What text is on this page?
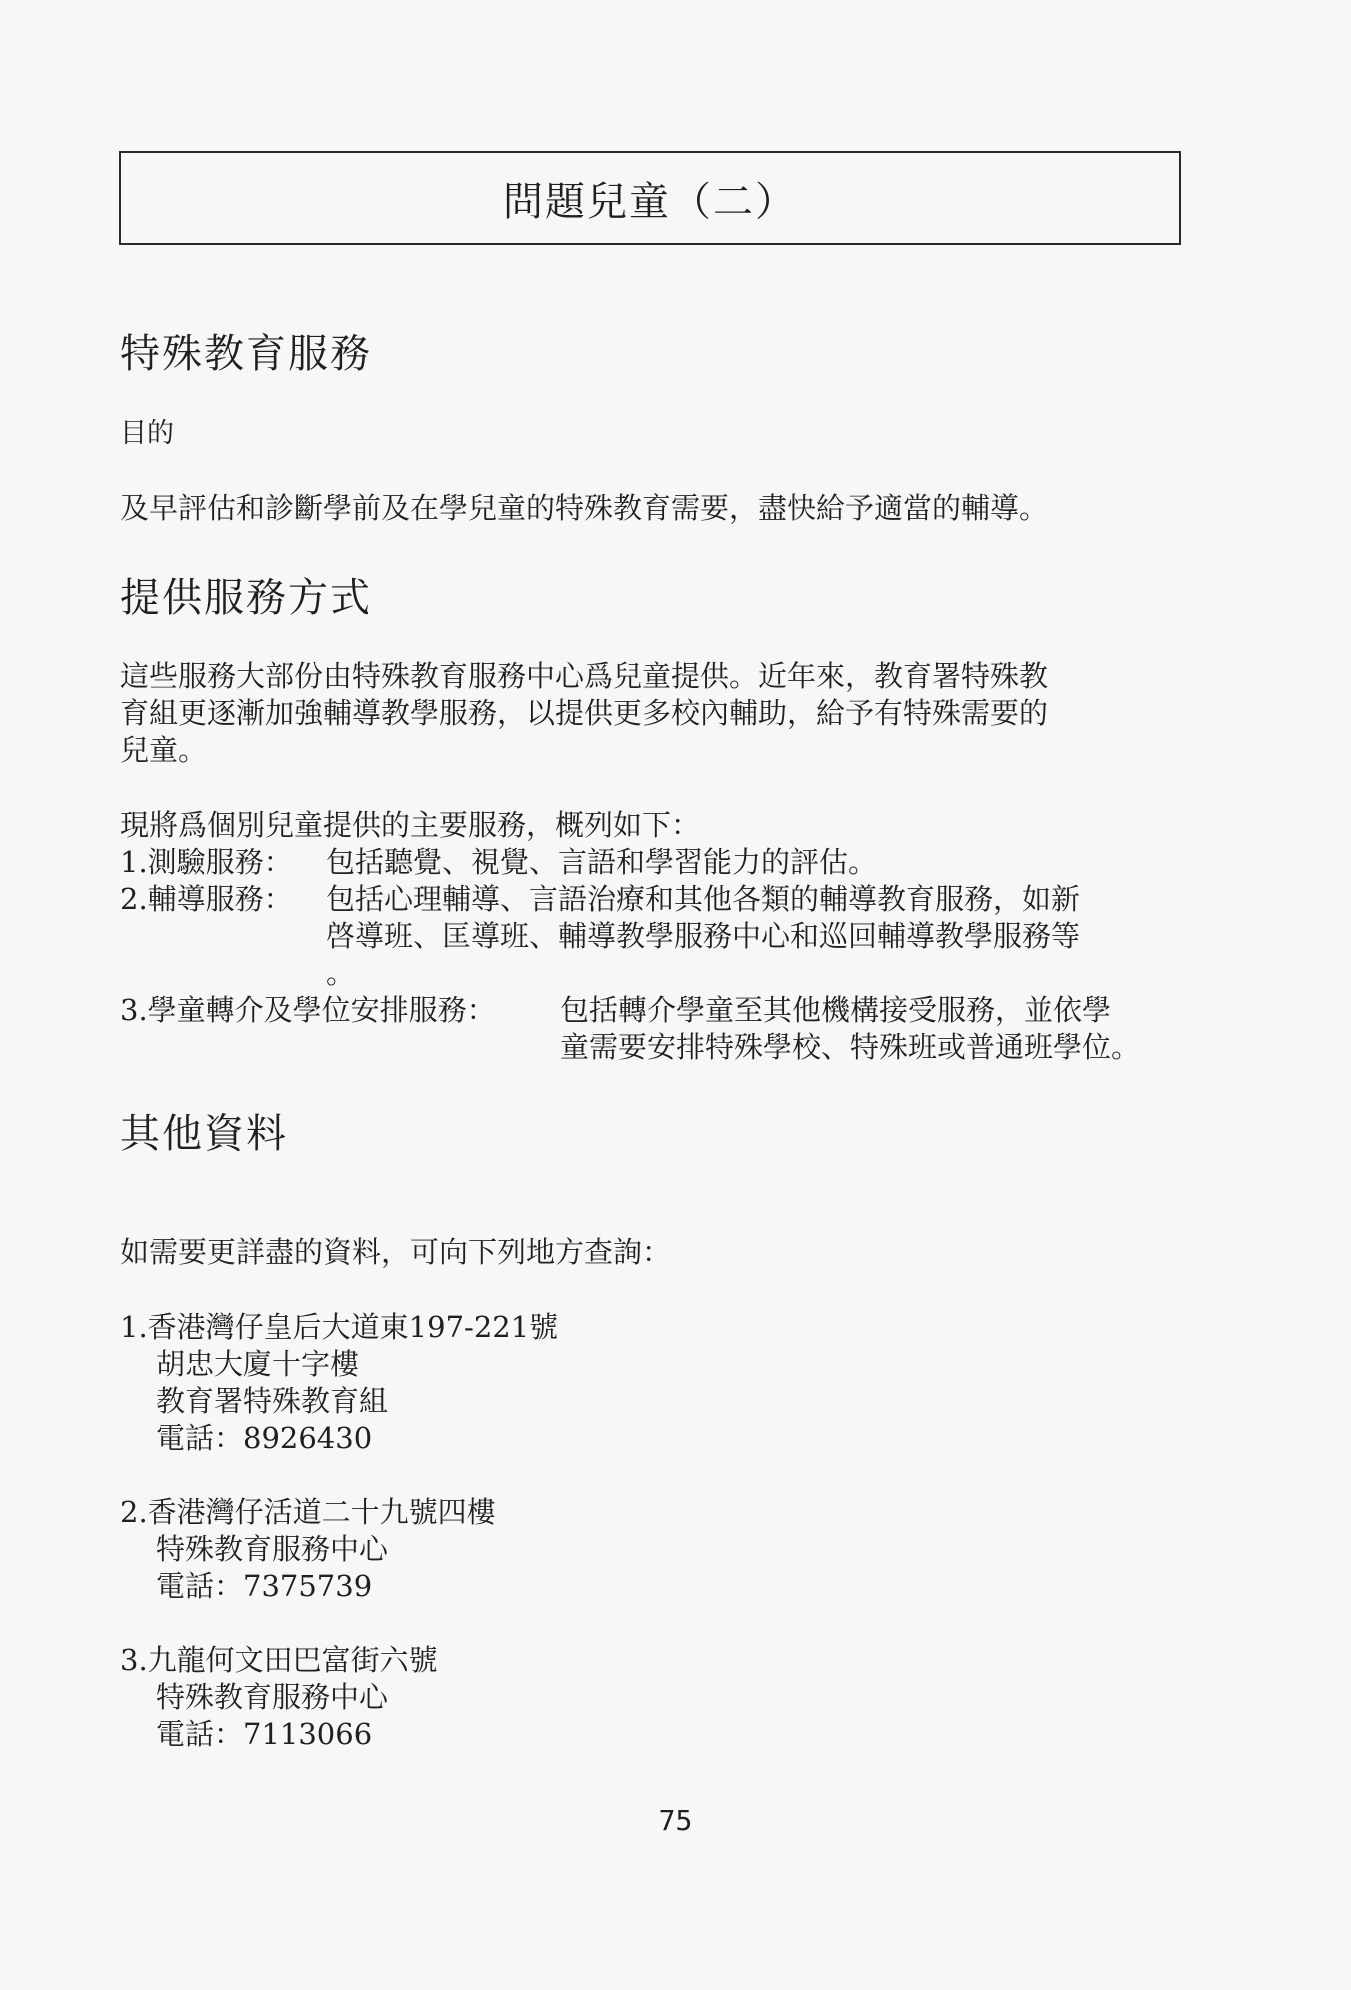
問題兒童（二）
特殊教育服務
目的
及早評估和診斷學前及在學兒童的特殊教育需要，盡快給予適當的輔導。
提供服務方式
這些服務大部份由特殊教育服務中心爲兒童提供。近年來，教育署特殊教
育組更逐漸加強輔導教學服務，以提供更多校內輔助，給予有特殊需要的
兒童。
現將爲個別兒童提供的主要服務，概列如下：
1.測驗服務： 包括聽覺、視覺、言語和學習能力的評估。
2.輔導服務： 包括心理輔導、言語治療和其他各類的輔導教育服務，如新
啓導班、匡導班、輔導教學服務中心和巡回輔導教學服務等
。
3.學童轉介及學位安排服務： 包括轉介學童至其他機構接受服務，並依學
童需要安排特殊學校、特殊班或普通班學位。
其他資料
如需要更詳盡的資料，可向下列地方查詢：
1.香港灣仔皇后大道東197-221號
胡忠大廈十字樓
教育署特殊教育組
電話：8926430
2.香港灣仔活道二十九號四樓
特殊教育服務中心
電話：7375739
3.九龍何文田巴富街六號
特殊教育服務中心
電話：7113066
75
